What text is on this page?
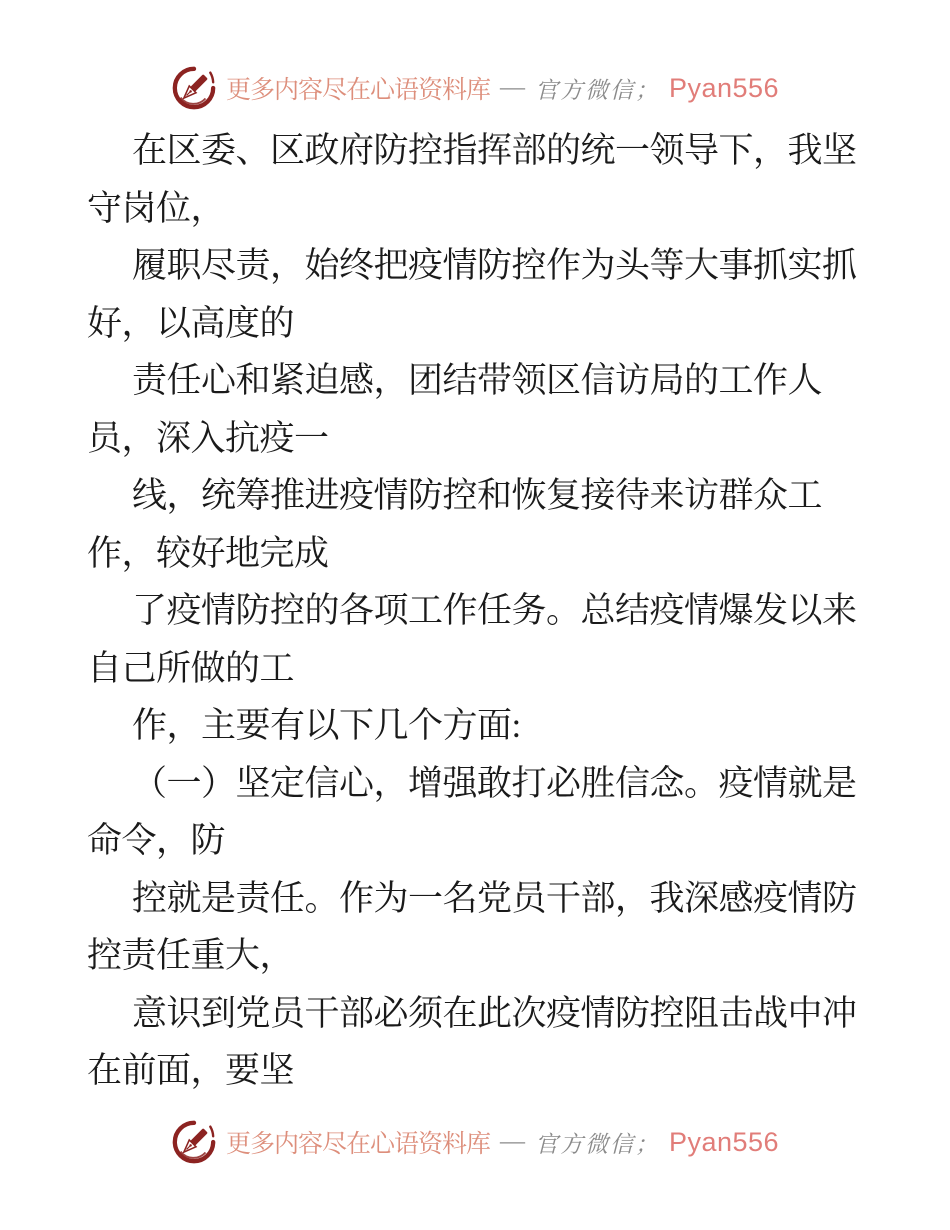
更多内容尽在心语资料库 — 官方微信； Pyan556
在区委、区政府防控指挥部的统一领导下，我坚
守岗位，
履职尽责，始终把疫情防控作为头等大事抓实抓
好，以高度的
责任心和紧迫感，团结带领区信访局的工作人
员，深入抗疫一
线，统筹推进疫情防控和恢复接待来访群众工
作，较好地完成
了疫情防控的各项工作任务。总结疫情爆发以来
自己所做的工
作，主要有以下几个方面:
（一）坚定信心，增强敢打必胜信念。疫情就是
命令，防
控就是责任。作为一名党员干部，我深感疫情防
控责任重大，
意识到党员干部必须在此次疫情防控阻击战中冲
在前面，要坚
更多内容尽在心语资料库 — 官方微信； Pyan556
